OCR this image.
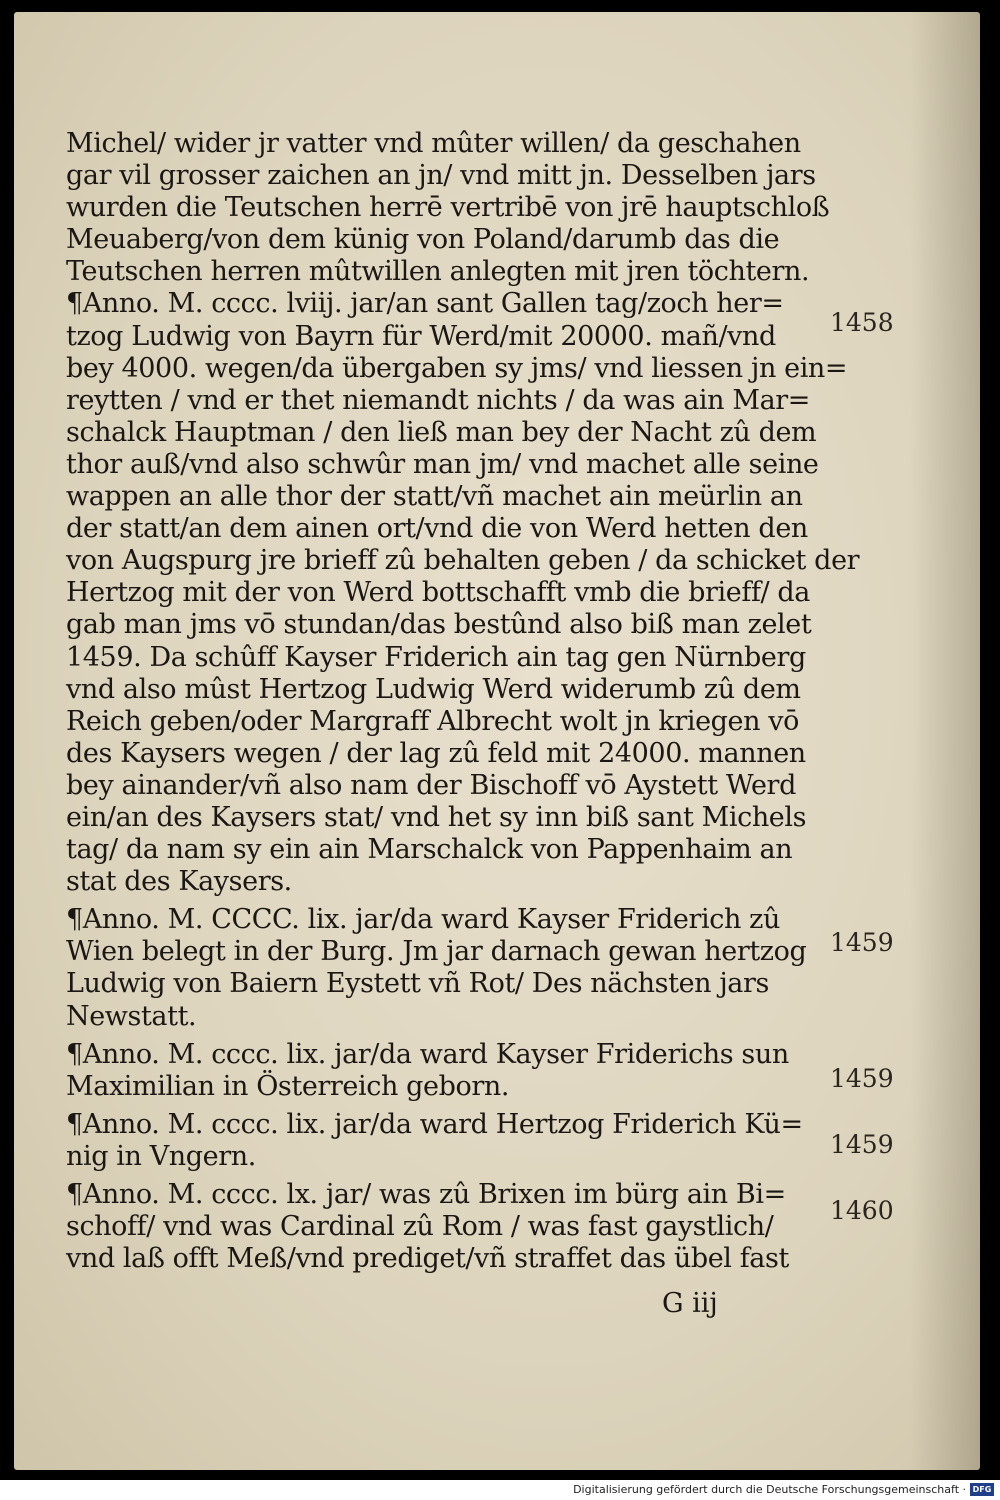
Michel/ wider jr vatter vnd mûter willen/ da geschahen
gar vil grosser zaichen an jn/ vnd mitt jn. Desselben jars
wurden die Teutschen herrē vertribē von jrē hauptschloß
Meuaberg/von dem künig von Poland/darumb das die
Teutschen herren mûtwillen anlegten mit jren töchtern.
¶Anno. M. cccc. lviij. jar/an sant Gallen tag/zoch her=
tzog Ludwig von Bayrn für Werd/mit 20000. mañ/vnd
bey 4000. wegen/da übergaben sy jms/ vnd liessen jn ein=
reytten / vnd er thet niemandt nichts / da was ain Mar=
schalck Hauptman / den ließ man bey der Nacht zû dem
thor auß/vnd also schwûr man jm/ vnd machet alle seine
wappen an alle thor der statt/vñ machet ain meürlin an
der statt/an dem ainen ort/vnd die von Werd hetten den
von Augspurg jre brieff zû behalten geben / da schicket der
Hertzog mit der von Werd bottschafft vmb die brieff/ da
gab man jms vō stundan/das bestûnd also biß man zelet
1459. Da schûff Kayser Friderich ain tag gen Nürnberg
vnd also mûst Hertzog Ludwig Werd widerumb zû dem
Reich geben/oder Margraff Albrecht wolt jn kriegen vō
des Kaysers wegen / der lag zû feld mit 24000. mannen
bey ainander/vñ also nam der Bischoff vō Aystett Werd
ein/an des Kaysers stat/ vnd het sy inn biß sant Michels
tag/ da nam sy ein ain Marschalck von Pappenhaim an
stat des Kaysers.
¶Anno. M. CCCC. lix. jar/da ward Kayser Friderich zû
Wien belegt in der Burg. Jm jar darnach gewan hertzog
Ludwig von Baiern Eystett vñ Rot/ Des nächsten jars
Newstatt.
¶Anno. M. cccc. lix. jar/da ward Kayser Friderichs sun
Maximilian in Österreich geborn.
¶Anno. M. cccc. lix. jar/da ward Hertzog Friderich Kü=
nig in Vngern.
¶Anno. M. cccc. lx. jar/ was zû Brixen im bürg ain Bi=
schoff/ vnd was Cardinal zû Rom / was fast gaystlich/
vnd laß offt Meß/vnd prediget/vñ straffet das übel fast
1458
1459
1459
1459
1460
G iij
Digitalisierung gefördert durch die Deutsche Forschungsgemeinschaft · DFG
